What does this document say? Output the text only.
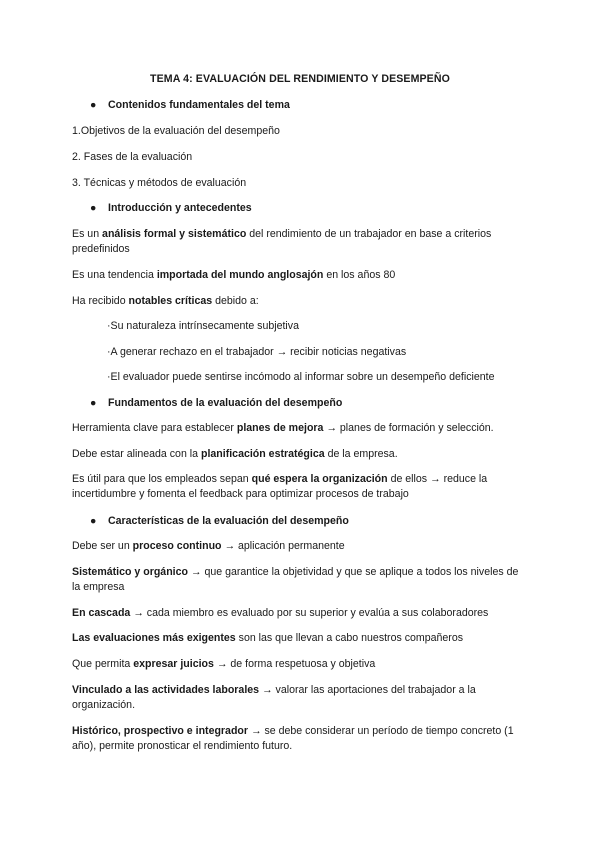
TEMA 4: EVALUACIÓN DEL RENDIMIENTO Y DESEMPEÑO
●	Contenidos fundamentales del tema
1.Objetivos de la evaluación del desempeño
2. Fases de la evaluación
3. Técnicas y métodos de evaluación
●	Introducción y antecedentes
Es un análisis formal y sistemático del rendimiento de un trabajador en base a criterios predefinidos
Es una tendencia importada del mundo anglosajón en los años 80
Ha recibido notables críticas debido a:
·Su naturaleza intrínsecamente subjetiva
·A generar rechazo en el trabajador → recibir noticias negativas
·El evaluador puede sentirse incómodo al informar sobre un desempeño deficiente
●	Fundamentos de la evaluación del desempeño
Herramienta clave para establecer planes de mejora → planes de formación y selección.
Debe estar alineada con la planificación estratégica de la empresa.
Es útil para que los empleados sepan qué espera la organización de ellos → reduce la incertidumbre y fomenta el feedback para optimizar procesos de trabajo
●	Características de la evaluación del desempeño
Debe ser un proceso continuo → aplicación permanente
Sistemático y orgánico → que garantice la objetividad y que se aplique a todos los niveles de la empresa
En cascada → cada miembro es evaluado por su superior y evalúa a sus colaboradores
Las evaluaciones más exigentes son las que llevan a cabo nuestros compañeros
Que permita expresar juicios → de forma respetuosa y objetiva
Vinculado a las actividades laborales → valorar las aportaciones del trabajador a la organización.
Histórico, prospectivo e integrador → se debe considerar un período de tiempo concreto (1 año), permite pronosticar el rendimiento futuro.
